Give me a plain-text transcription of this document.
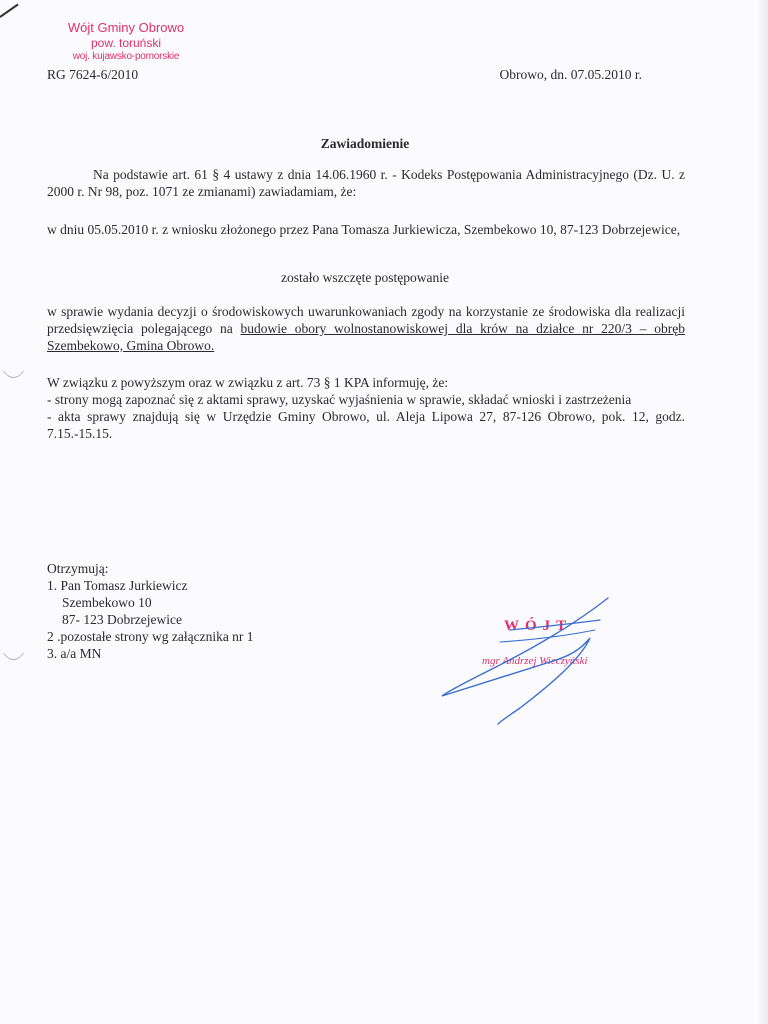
Wójt Gminy Obrowo
pow. toruński
woj. kujawsko-pomorskie
RG 7624-6/2010	Obrowo, dn. 07.05.2010 r.
Zawiadomienie
Na podstawie art. 61 § 4 ustawy z dnia 14.06.1960 r. - Kodeks Postępowania Administracyjnego (Dz. U. z 2000 r. Nr 98, poz. 1071 ze zmianami) zawiadamiam, że:
w dniu 05.05.2010 r. z wniosku złożonego przez Pana Tomasza Jurkiewicza, Szembekowo 10, 87-123 Dobrzejewice,
zostało wszczęte postępowanie
w sprawie wydania decyzji o środowiskowych uwarunkowaniach zgody na korzystanie ze środowiska dla realizacji przedsięwzięcia polegającego na budowie obory wolnostanowiskowej dla krów na działce nr 220/3 – obręb Szembekowo, Gmina Obrowo.
W związku z powyższym oraz w związku z art. 73 § 1 KPA informuję, że:
- strony mogą zapoznać się z aktami sprawy, uzyskać wyjaśnienia w sprawie, składać wnioski i zastrzeżenia
- akta sprawy znajdują się w Urzędzie Gminy Obrowo, ul. Aleja Lipowa 27, 87-126 Obrowo, pok. 12, godz. 7.15.-15.15.
Otrzymują:
1. Pan Tomasz Jurkiewicz
Szembekowo 10
87- 123 Dobrzejewice
2 .pozostałe strony wg załącznika nr 1
3. a/a MN
WÓJT
mgr Andrzej Wieczyński
